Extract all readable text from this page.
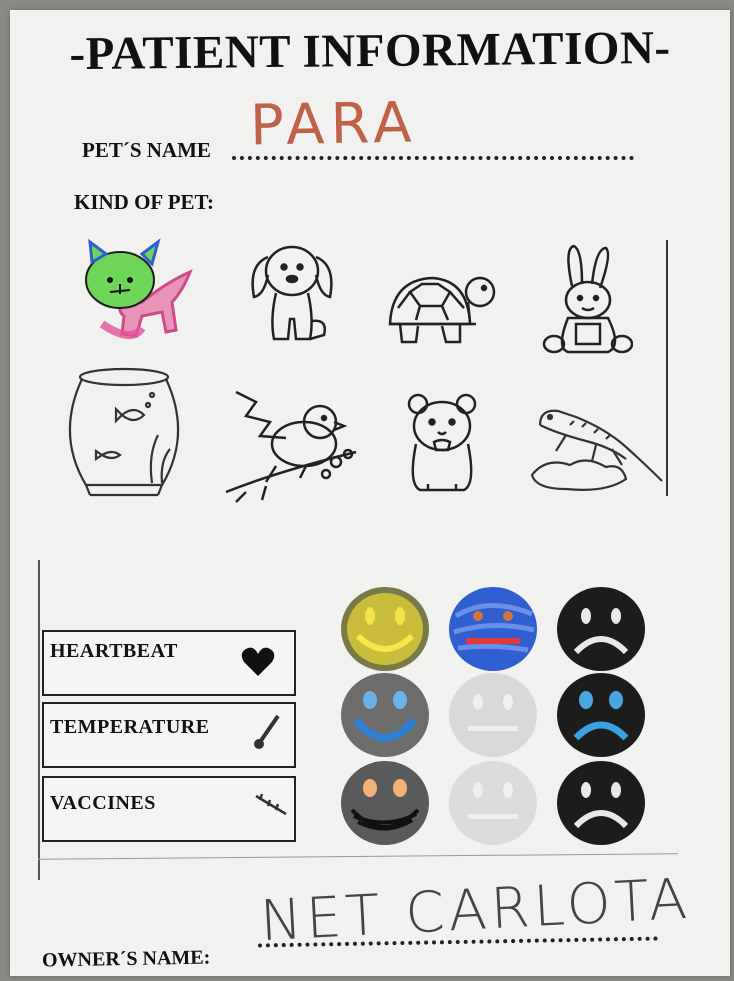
-PATIENT INFORMATION-
PET´S NAME PARA
KIND OF PET:
HEARTBEAT
TEMPERATURE
VACCINES
OWNER´S NAME:
NET CARLOTA
